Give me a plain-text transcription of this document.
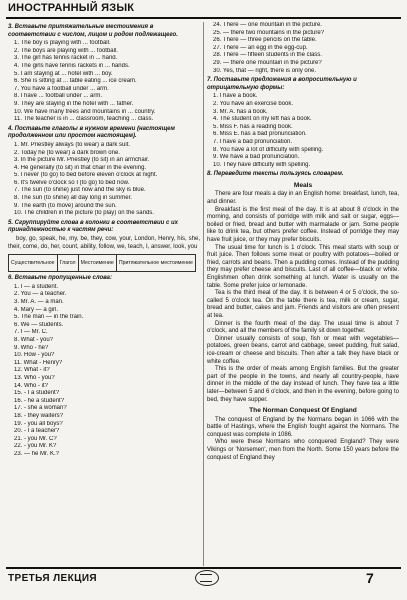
ИНОСТРАННЫЙ ЯЗЫК
3. Вставьте притяжательные местоимения в соответствии с числом, лицом и родом подлежащего.
1. The boy is playing with ... football.
2. The boys are playing with ... football.
3. The girl has tennis racket in ... hand.
4. The girls have tennis rackets in ... hands.
5. I am staying at ... hotel with ... boy.
6. She is sitting at ... table eating ... ice cream.
7. You have a football under ... arm.
8. I have ... football under ... arm.
9. They are staying in the hotel with ... father.
10. We have many trees and mountains in ... country.
11. The teacher is in ... classroom, teaching ... class.
4. Поставьте глаголы в нужном времени (настоящем продолженном или простом настоящем).
1. Mr. Priestley always (to wear) a dark suit.
2. Today he (to wear) a dark brown one.
3. In the picture Mr. Priestley (to sit) in an armchair.
4. He generally (to sit) in that chair in the evening.
5. I never (to go) to bed before eleven o'clock at night.
6. It's twelve o'clock so I (to go) to bed now.
7. The sun (to shine) just now and the sky is blue.
8. The sun (to shine) all day long in summer.
9. The earth (to move) around the sun.
10. The children in the picture (to play) on the sands.
5. Сгруппируйте слова в колонки в соответствии с их принадлежностью к частям речи:
boy, go, speak, he, my, be, they, cow, your, London, Henry, his, she, their, come, do, her, count, ability, follow, we, teach, I, answer, look, you
Существительное	Глагол	Местоимение	Притяжательное местоимение
6. Вставьте пропущенные слова:
1. I — a student.
2. You — a teacher.
3. Mr. A. — a man.
4. Mary — a girl.
5. The man — in the train.
6. We — students.
7. I — Mr. C.
8. What - you?
9. Who - he?
10. How - you?
11. What - Henry?
12. What - it?
13. Who - you?
14. Who - it?
15. - I a student?
16. - he a student?
17. - she a woman?
18. - they waiters?
19. - you all boys?
20. - I a teacher?
21. - you Mr. C?
22. - you Mr. K?
23. — he Mr. K.?
24. There — one mountain in the picture.
25. — there two mountains in the picture?
26. There — three pencils on the table.
27. There — an egg in the egg-cup.
28. There — fifteen students in the class.
29. — there one mountain in the picture?
30. Yes, that — right, there is only one.
7. Поставьте предложения в вопросительную и отрицательную формы:
1. I have a book.
2. You have an exercise book.
3. Mr. A. has a book.
4. The student on my left has a book.
5. Miss F. has a reading book.
6. Miss E. has a bad pronunciation.
7. I have a bad pronunciation.
8. You have a lot of difficulty with spelling.
9. We have a bad pronunciation.
10. They have difficulty with spelling.
8. Переведите тексты пользуясь словарем.
Meals
There are four meals a day in an English home: breakfast, lunch, tea, and dinner.
Breakfast is the first meal of the day. It is at about 8 o'clock in the morning, and consists of porridge with milk and salt or sugar, eggs—boiled or fried, bread and butter with marmalade or jam. Some people like to drink tea, but others prefer coffee. Instead of porridge they may have fruit juice, or they may prefer biscuits.
The usual time for lunch is 1 o'clock. This meal starts with soup or fruit juice. Then follows some meat or poultry with potatoes—boiled or fried, carrots and beans. Then a pudding comes. Instead of the pudding they may prefer cheese and biscuits. Last of all coffee—black or white. Englishmen often drink something at lunch. Water is usually on the table. Some prefer juice or lemonade.
Tea is the third meal of the day. It is between 4 or 5 o'clock, the so-called 5 o'clock tea. On the table there is tea, milk or cream, sugar, bread and butter, cakes and jam. Friends and visitors are often present at tea.
Dinner is the fourth meal of the day. The usual time is about 7 o'clock, and all the members of the family sit down together.
Dinner usually consists of soup, fish or meat with vegetables—potatoes, green beans, carrot and cabbage, sweet pudding, fruit salad, ice-cream or cheese and biscuits. Then after a talk they have black or white coffee.
This is the order of meals among English families. But the greater part of the people in the towns, and nearly all country-people, have dinner in the middle of the day instead of lunch. They have tea a little later—between 5 and 6 o'clock, and then in the evening, before going to bed, they have supper.
The Norman Conquest Of England
The conquest of England by the Normans began in 1066 with the battle of Hastings, where the English fought against the Normans. The conquest was complete in 1086.
Who were these Normans who conquered England? They were Vikings or 'Norsemen', men from the North. Some 150 years before the conquest of England they
ТРЕТЬЯ ЛЕКЦИЯ	7
